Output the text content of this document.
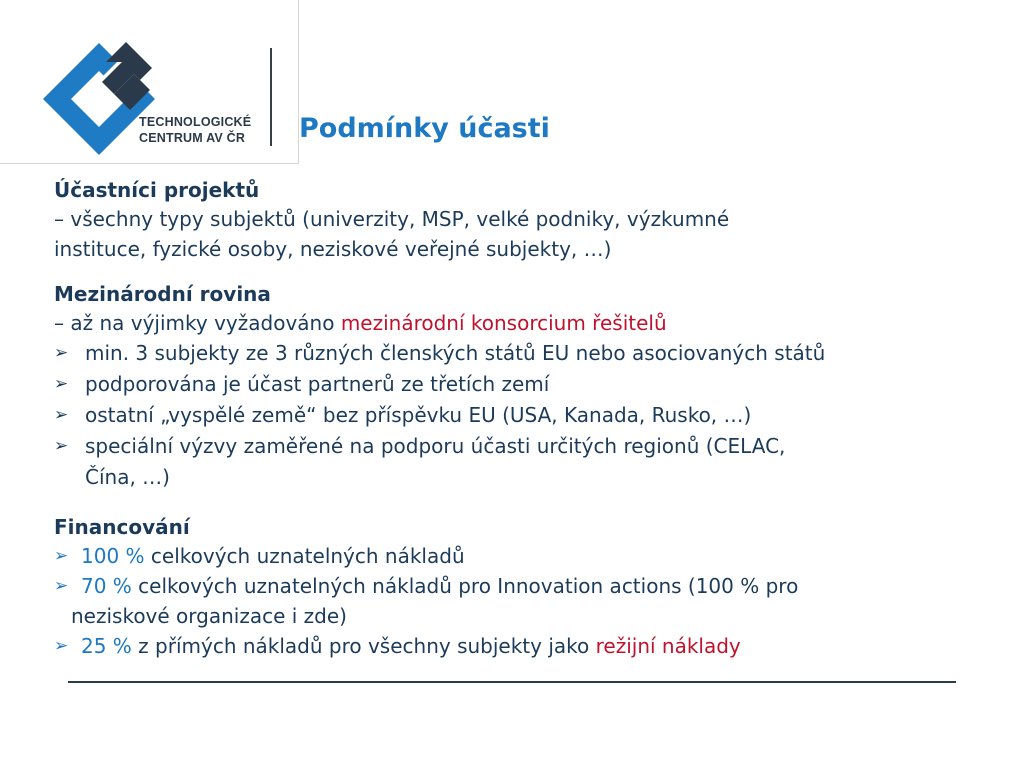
TECHNOLOGICKÉ
CENTRUM AV ČR Podmínky účasti
Účastníci projektů
– všechny typy subjektů (univerzity, MSP, velké podniky, výzkumné
instituce, fyzické osoby, neziskové veřejné subjekty, …)
Mezinárodní rovina
– až na výjimky vyžadováno mezinárodní konsorcium řešitelů
➢ min. 3 subjekty ze 3 různých členských států EU nebo asociovaných států
➢ podporována je účast partnerů ze třetích zemí
➢ ostatní „vyspělé země“ bez příspěvku EU (USA, Kanada, Rusko, …)
➢ speciální výzvy zaměřené na podporu účasti určitých regionů (CELAC,
Čína, …)
Financování
➢ 100 % celkových uznatelných nákladů
➢ 70 % celkových uznatelných nákladů pro Innovation actions (100 % pro
neziskové organizace i zde)
➢ 25 % z přímých nákladů pro všechny subjekty jako režijní náklady
